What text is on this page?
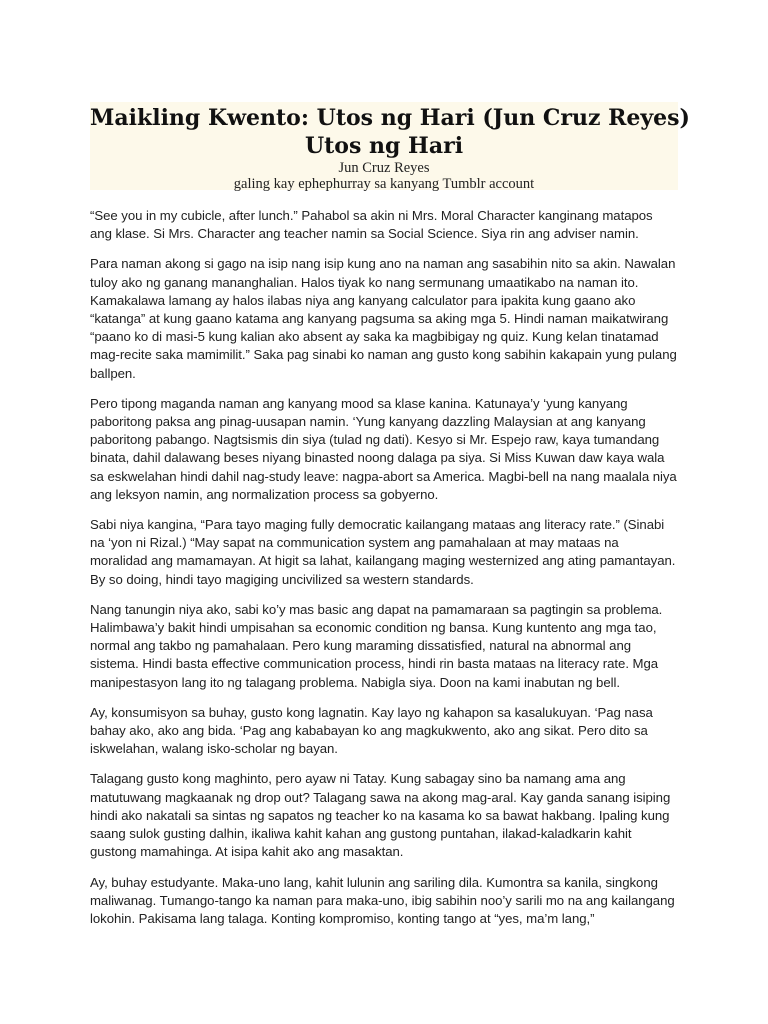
Maikling Kwento: Utos ng Hari (Jun Cruz Reyes)

Utos ng Hari

Jun Cruz Reyes

galing kay ephephurray sa kanyang Tumblr account

“See you in my cubicle, after lunch.” Pahabol sa akin ni Mrs. Moral Character kanginang matapos ang klase. Si Mrs. Character ang teacher namin sa Social Science. Siya rin ang adviser namin.

Para naman akong si gago na isip nang isip kung ano na naman ang sasabihin nito sa akin. Nawalan tuloy ako ng ganang mananghalian. Halos tiyak ko nang sermunang umaatikabo na naman ito. Kamakalawa lamang ay halos ilabas niya ang kanyang calculator para ipakita kung gaano ako “katanga” at kung gaano katama ang kanyang pagsuma sa aking mga 5. Hindi naman maikatwirang “paano ko di masi-5 kung kalian ako absent ay saka ka magbibigay ng quiz. Kung kelan tinatamad mag-recite saka mamimilit.” Saka pag sinabi ko naman ang gusto kong sabihin kakapain yung pulang ballpen.

Pero tipong maganda naman ang kanyang mood sa klase kanina. Katunaya’y ‘yung kanyang paboritong paksa ang pinag-uusapan namin. ‘Yung kanyang dazzling Malaysian at ang kanyang paboritong pabango. Nagtsismis din siya (tulad ng dati). Kesyo si Mr. Espejo raw, kaya tumandang binata, dahil dalawang beses niyang binasted noong dalaga pa siya. Si Miss Kuwan daw kaya wala sa eskwelahan hindi dahil nag-study leave: nagpa-abort sa America. Magbi-bell na nang maalala niya ang leksyon namin, ang normalization process sa gobyerno.

Sabi niya kangina, “Para tayo maging fully democratic kailangang mataas ang literacy rate.” (Sinabi na ‘yon ni Rizal.) “May sapat na communication system ang pamahalaan at may mataas na moralidad ang mamamayan. At higit sa lahat, kailangang maging westernized ang ating pamantayan. By so doing, hindi tayo magiging uncivilized sa western standards.

Nang tanungin niya ako, sabi ko’y mas basic ang dapat na pamamaraan sa pagtingin sa problema. Halimbawa’y bakit hindi umpisahan sa economic condition ng bansa. Kung kuntento ang mga tao, normal ang takbo ng pamahalaan. Pero kung maraming dissatisfied, natural na abnormal ang sistema. Hindi basta effective communication process, hindi rin basta mataas na literacy rate. Mga manipestasyon lang ito ng talagang problema. Nabigla siya. Doon na kami inabutan ng bell.

Ay, konsumisyon sa buhay, gusto kong lagnatin. Kay layo ng kahapon sa kasalukuyan. ‘Pag nasa bahay ako, ako ang bida. ‘Pag ang kababayan ko ang magkukwento, ako ang sikat. Pero dito sa iskwelahan, walang isko-scholar ng bayan.

Talagang gusto kong maghinto, pero ayaw ni Tatay. Kung sabagay sino ba namang ama ang matutuwang magkaanak ng drop out? Talagang sawa na akong mag-aral. Kay ganda sanang isiping hindi ako nakatali sa sintas ng sapatos ng teacher ko na kasama ko sa bawat hakbang. Ipaling kung saang sulok gusting dalhin, ikaliwa kahit kahan ang gustong puntahan, ilakad-kaladkarin kahit gustong mamahinga. At isipa kahit ako ang masaktan.

Ay, buhay estudyante. Maka-uno lang, kahit lulunin ang sariling dila. Kumontra sa kanila, singkong maliwanag. Tumango-tango ka naman para maka-uno, ibig sabihin noo’y sarili mo na ang kailangang lokohin. Pakisama lang talaga. Konting kompromiso, konting tango at “yes, ma’m lang,”
